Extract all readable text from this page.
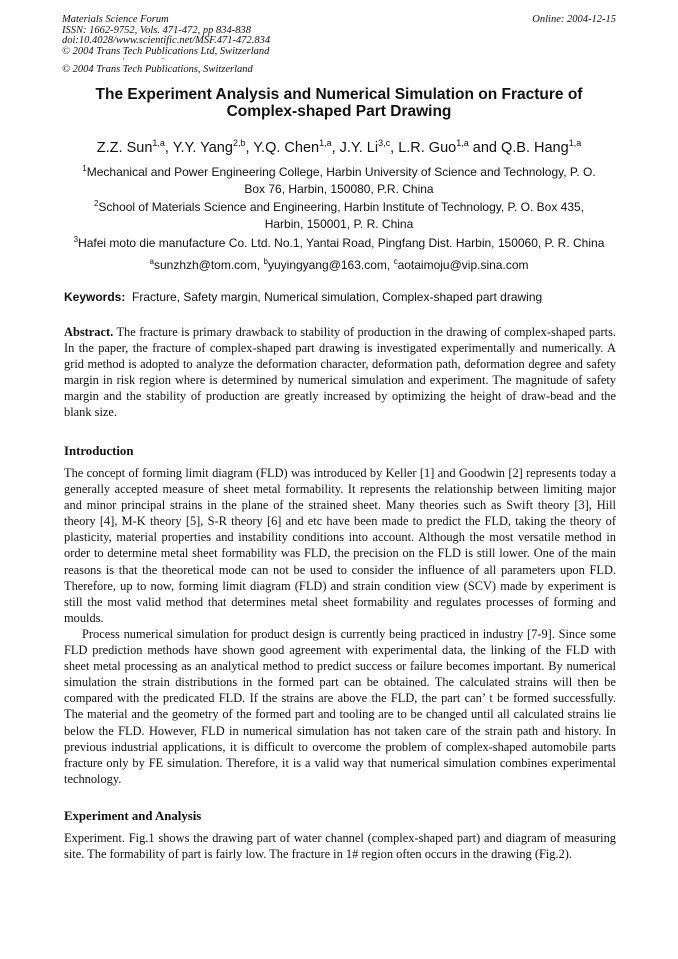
Materials Science Forum	Online: 2004-12-15
ISSN: 1662-9752, Vols. 471-472, pp 834-838
doi:10.4028/www.scientific.net/MSF.471-472.834
© 2004 Trans Tech Publications Ltd, Switzerland
’                     ˝
© 2004 Trans Tech Publications, Switzerland
The Experiment Analysis and Numerical Simulation on Fracture of
Complex-shaped Part Drawing
Z.Z. Sun$^{1,a}$, Y.Y. Yang$^{2,b}$, Y.Q. Chen$^{1,a}$, J.Y. Li$^{3,c}$, L.R. Guo$^{1,a}$ and Q.B. Hang$^{1,a}$
$^1$Mechanical and Power Engineering College, Harbin University of Science and Technology, P. O.
Box 76, Harbin, 150080, P.R. China
$^2$School of Materials Science and Engineering, Harbin Institute of Technology, P. O. Box 435,
Harbin, 150001, P. R. China
$^3$Hafei moto die manufacture Co. Ltd. No.1, Yantai Road, Pingfang Dist. Harbin, 150060, P. R. China
$^a$sunzhzh@tom.com, $^b$yuyingyang@163.com, $^c$aotaimoju@vip.sina.com
Keywords: Fracture, Safety margin, Numerical simulation, Complex-shaped part drawing
Abstract. The fracture is primary drawback to stability of production in the drawing of complex-shaped parts. In the paper, the fracture of complex-shaped part drawing is investigated experimentally and numerically. A grid method is adopted to analyze the deformation character, deformation path, deformation degree and safety margin in risk region where is determined by numerical simulation and experiment. The magnitude of safety margin and the stability of production are greatly increased by optimizing the height of draw-bead and the blank size.
Introduction
The concept of forming limit diagram (FLD) was introduced by Keller [1] and Goodwin [2] represents today a generally accepted measure of sheet metal formability. It represents the relationship between limiting major and minor principal strains in the plane of the strained sheet. Many theories such as Swift theory [3], Hill theory [4], M-K theory [5], S-R theory [6] and etc have been made to predict the FLD, taking the theory of plasticity, material properties and instability conditions into account. Although the most versatile method in order to determine metal sheet formability was FLD, the precision on the FLD is still lower. One of the main reasons is that the theoretical mode can not be used to consider the influence of all parameters upon FLD. Therefore, up to now, forming limit diagram (FLD) and strain condition view (SCV) made by experiment is still the most valid method that determines metal sheet formability and regulates processes of forming and moulds.
Process numerical simulation for product design is currently being practiced in industry [7-9]. Since some FLD prediction methods have shown good agreement with experimental data, the linking of the FLD with sheet metal processing as an analytical method to predict success or failure becomes important. By numerical simulation the strain distributions in the formed part can be obtained. The calculated strains will then be compared with the predicated FLD. If the strains are above the FLD, the part can’ t be formed successfully. The material and the geometry of the formed part and tooling are to be changed until all calculated strains lie below the FLD. However, FLD in numerical simulation has not taken care of the strain path and history. In previous industrial applications, it is difficult to overcome the problem of complex-shaped automobile parts fracture only by FE simulation. Therefore, it is a valid way that numerical simulation combines experimental technology.
Experiment and Analysis
Experiment. Fig.1 shows the drawing part of water channel (complex-shaped part) and diagram of measuring site. The formability of part is fairly low. The fracture in 1# region often occurs in the drawing (Fig.2).
